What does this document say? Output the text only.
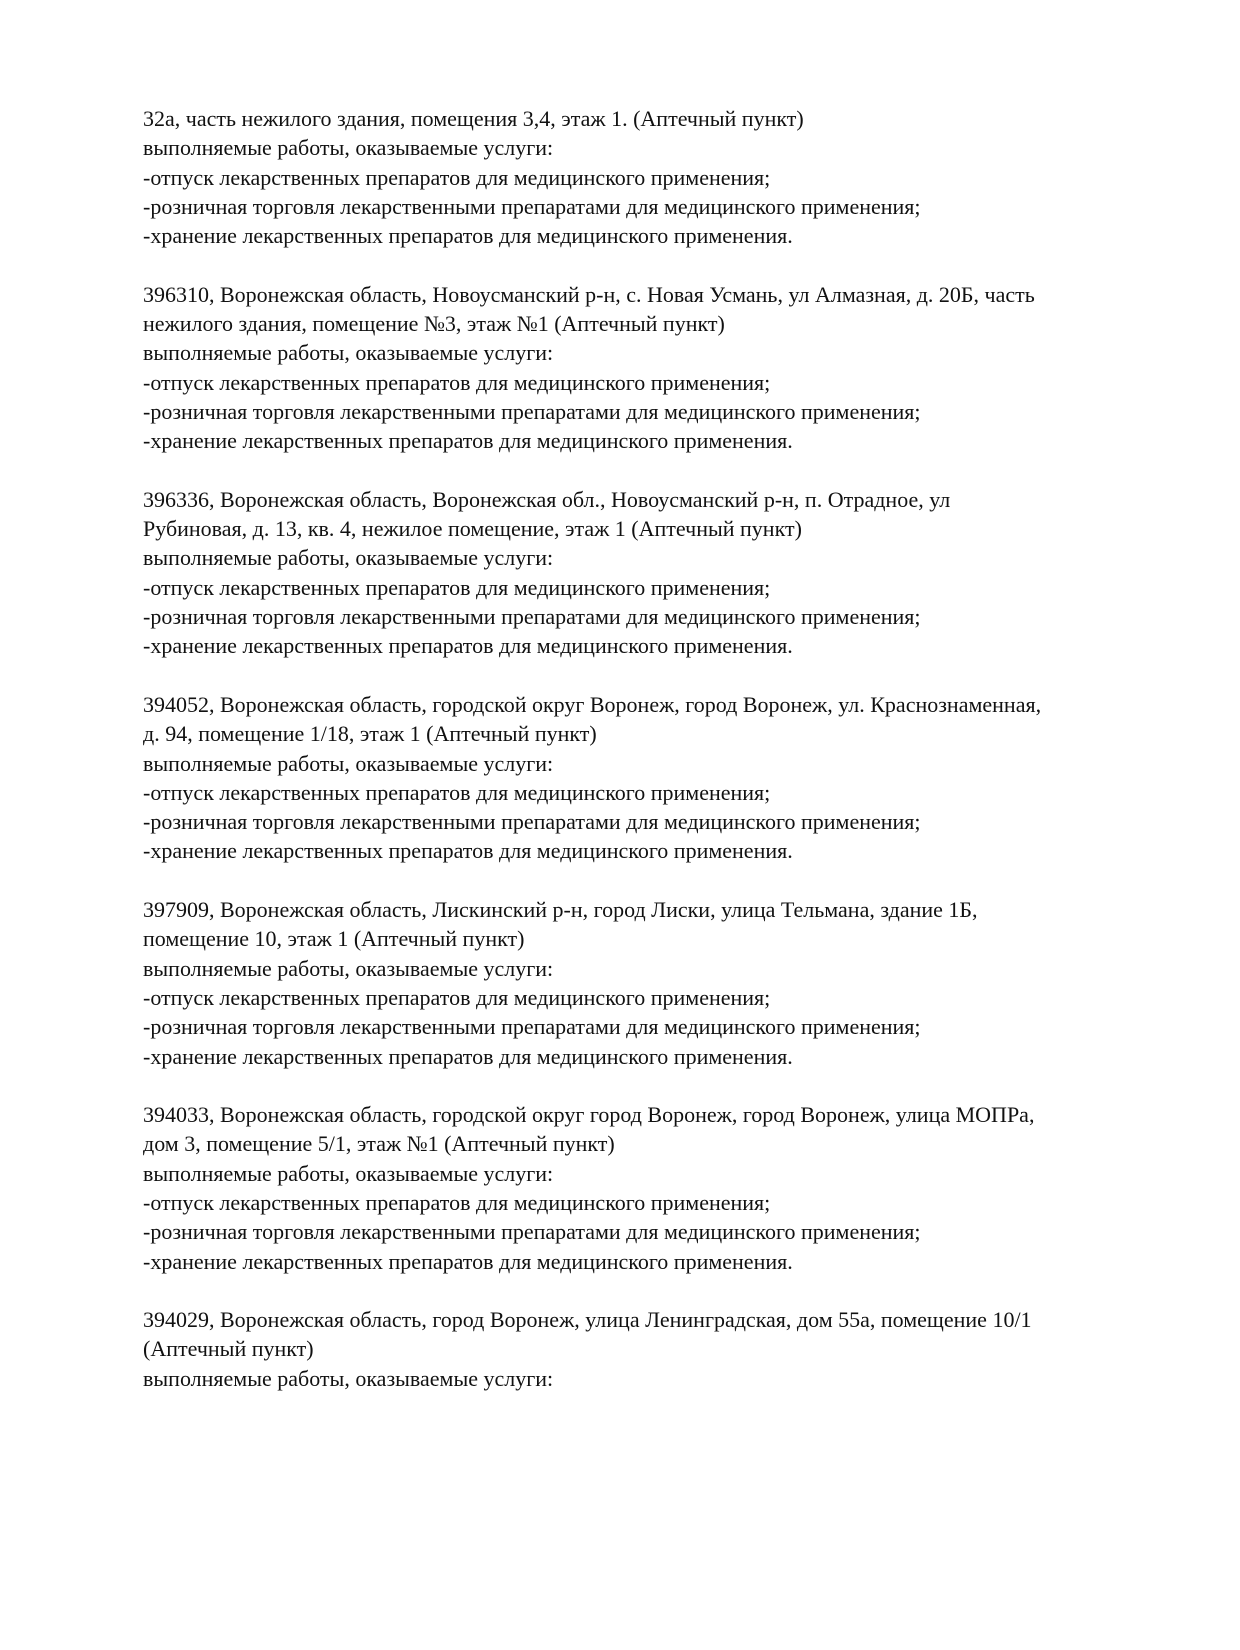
32а, часть нежилого здания, помещения 3,4, этаж 1. (Аптечный пункт)
выполняемые работы, оказываемые услуги:
-отпуск лекарственных препаратов для медицинского применения;
-розничная торговля лекарственными препаратами для медицинского применения;
-хранение лекарственных препаратов для медицинского применения.
396310, Воронежская область, Новоусманский р-н, с. Новая Усмань, ул Алмазная, д. 20Б, часть
нежилого здания, помещение №3, этаж №1 (Аптечный пункт)
выполняемые работы, оказываемые услуги:
-отпуск лекарственных препаратов для медицинского применения;
-розничная торговля лекарственными препаратами для медицинского применения;
-хранение лекарственных препаратов для медицинского применения.
396336, Воронежская область, Воронежская обл., Новоусманский р-н, п. Отрадное, ул
Рубиновая, д. 13, кв. 4, нежилое помещение, этаж 1 (Аптечный пункт)
выполняемые работы, оказываемые услуги:
-отпуск лекарственных препаратов для медицинского применения;
-розничная торговля лекарственными препаратами для медицинского применения;
-хранение лекарственных препаратов для медицинского применения.
394052, Воронежская область, городской округ Воронеж, город Воронеж, ул. Краснознаменная,
д. 94, помещение 1/18, этаж 1 (Аптечный пункт)
выполняемые работы, оказываемые услуги:
-отпуск лекарственных препаратов для медицинского применения;
-розничная торговля лекарственными препаратами для медицинского применения;
-хранение лекарственных препаратов для медицинского применения.
397909, Воронежская область, Лискинский р-н, город Лиски, улица Тельмана, здание 1Б,
помещение 10, этаж 1 (Аптечный пункт)
выполняемые работы, оказываемые услуги:
-отпуск лекарственных препаратов для медицинского применения;
-розничная торговля лекарственными препаратами для медицинского применения;
-хранение лекарственных препаратов для медицинского применения.
394033, Воронежская область, городской округ город Воронеж, город Воронеж, улица МОПРа,
дом 3, помещение 5/1, этаж №1 (Аптечный пункт)
выполняемые работы, оказываемые услуги:
-отпуск лекарственных препаратов для медицинского применения;
-розничная торговля лекарственными препаратами для медицинского применения;
-хранение лекарственных препаратов для медицинского применения.
394029, Воронежская область, город Воронеж, улица Ленинградская, дом 55а, помещение 10/1
(Аптечный пункт)
выполняемые работы, оказываемые услуги:
